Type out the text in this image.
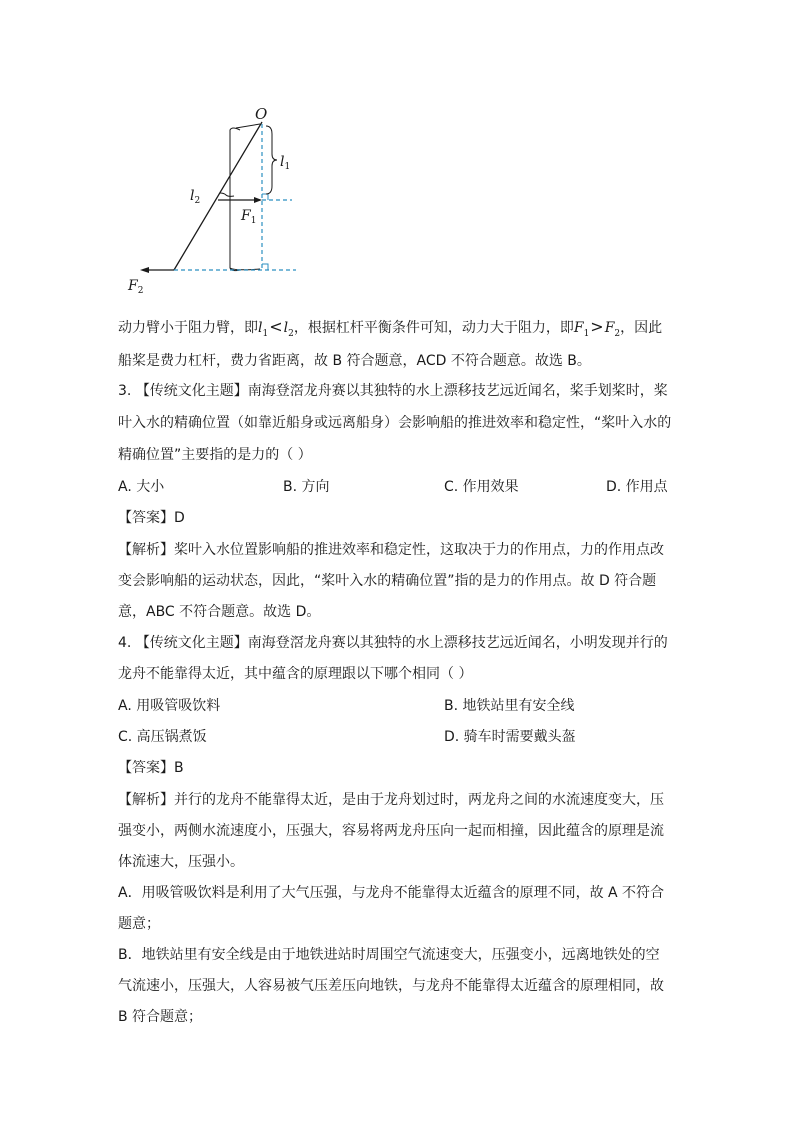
O
$l_1$
$l_2$
$F_1$
$F_2$
动力臂小于阻力臂，即$l_1<l_2$，根据杠杆平衡条件可知，动力大于阻力，即$F_1>F_2$，因此
船桨是费力杠杆，费力省距离，故 B 符合题意，ACD 不符合题意。故选 B。
3. 【传统文化主题】南海登滘龙舟赛以其独特的水上漂移技艺远近闻名，桨手划桨时，桨
叶入水的精确位置（如靠近船身或远离船身）会影响船的推进效率和稳定性，“桨叶入水的
精确位置”主要指的是力的（ ）
A. 大小	B. 方向	C. 作用效果	D. 作用点
【答案】D
【解析】桨叶入水位置影响船的推进效率和稳定性，这取决于力的作用点，力的作用点改
变会影响船的运动状态，因此，“桨叶入水的精确位置”指的是力的作用点。故 D 符合题
意，ABC 不符合题意。故选 D。
4. 【传统文化主题】南海登滘龙舟赛以其独特的水上漂移技艺远近闻名，小明发现并行的
龙舟不能靠得太近，其中蕴含的原理跟以下哪个相同（ ）
A. 用吸管吸饮料	B. 地铁站里有安全线
C. 高压锅煮饭	D. 骑车时需要戴头盔
【答案】B
【解析】并行的龙舟不能靠得太近，是由于龙舟划过时，两龙舟之间的水流速度变大，压
强变小，两侧水流速度小，压强大，容易将两龙舟压向一起而相撞，因此蕴含的原理是流
体流速大，压强小。
A．用吸管吸饮料是利用了大气压强，与龙舟不能靠得太近蕴含的原理不同，故 A 不符合
题意；
B．地铁站里有安全线是由于地铁进站时周围空气流速变大，压强变小，远离地铁处的空
气流速小，压强大，人容易被气压差压向地铁，与龙舟不能靠得太近蕴含的原理相同，故
B 符合题意；
